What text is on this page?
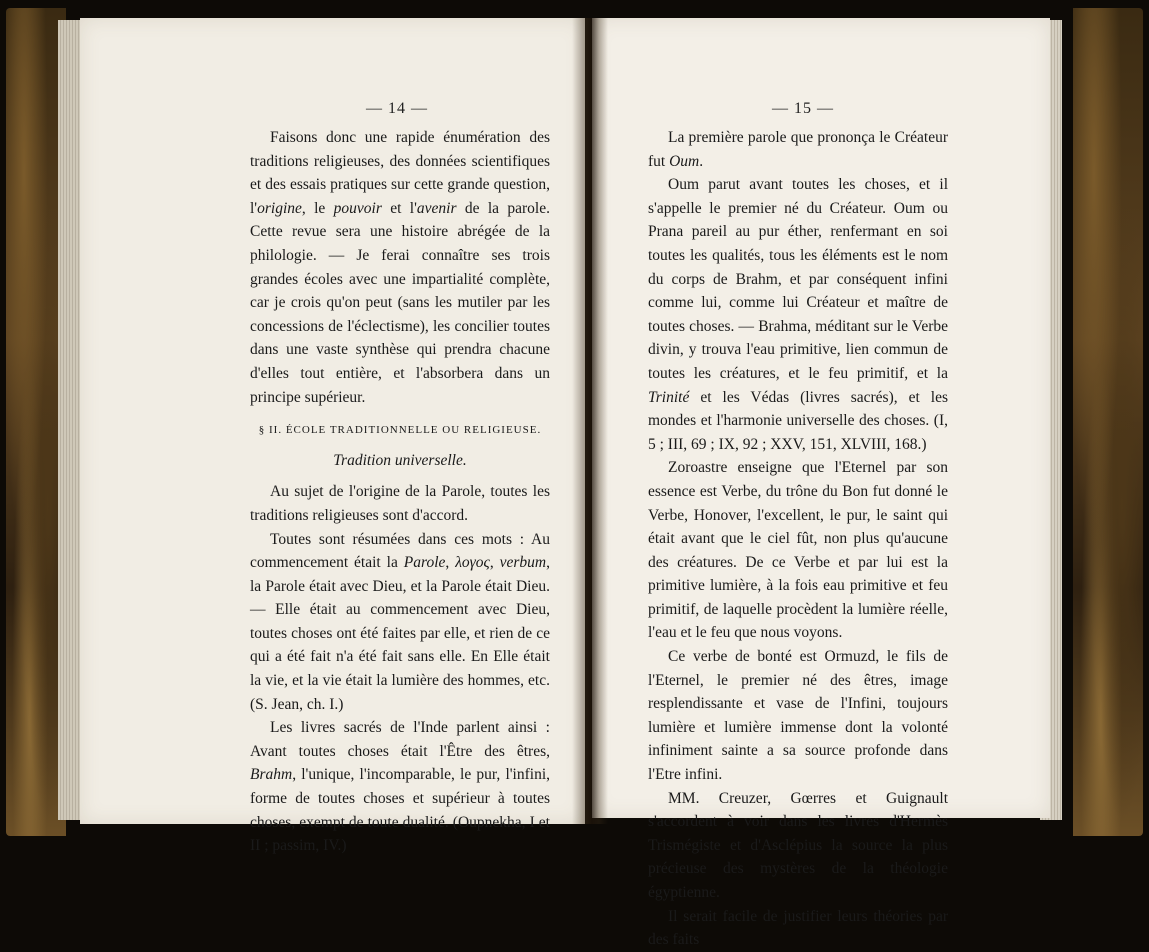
— 14 —

Faisons donc une rapide énumération des traditions religieuses, des données scientifiques et des essais pratiques sur cette grande question, l'origine, le pouvoir et l'avenir de la parole. Cette revue sera une histoire abrégée de la philologie. — Je ferai connaître ses trois grandes écoles avec une impartialité complète, car je crois qu'on peut (sans les mutiler par les concessions de l'éclectisme), les concilier toutes dans une vaste synthèse qui prendra chacune d'elles tout entière, et l'absorbera dans un principe supérieur.

§ II. ÉCOLE TRADITIONNELLE OU RELIGIEUSE.

Tradition universelle.

Au sujet de l'origine de la Parole, toutes les traditions religieuses sont d'accord.

Toutes sont résumées dans ces mots : Au commencement était la Parole, λογος, verbum, la Parole était avec Dieu, et la Parole était Dieu. — Elle était au commencement avec Dieu, toutes choses ont été faites par elle, et rien de ce qui a été fait n'a été fait sans elle. En Elle était la vie, et la vie était la lumière des hommes, etc. (S. Jean, ch. I.)

Les livres sacrés de l'Inde parlent ainsi : Avant toutes choses était l'Être des êtres, Brahm, l'unique, l'incomparable, le pur, l'infini, forme de toutes choses et supérieur à toutes choses, exempt de toute dualité. (Oupnekha, I et II ; passim, IV.)

— 15 —

La première parole que prononça le Créateur fut Oum.

Oum parut avant toutes les choses, et il s'appelle le premier né du Créateur. Oum ou Prana pareil au pur éther, renfermant en soi toutes les qualités, tous les éléments est le nom du corps de Brahm, et par conséquent infini comme lui, comme lui Créateur et maître de toutes choses. — Brahma, méditant sur le Verbe divin, y trouva l'eau primitive, lien commun de toutes les créatures, et le feu primitif, et la Trinité et les Védas (livres sacrés), et les mondes et l'harmonie universelle des choses. (I, 5 ; III, 69 ; IX, 92 ; XXV, 151, XLVIII, 168.)

Zoroastre enseigne que l'Eternel par son essence est Verbe, du trône du Bon fut donné le Verbe, Honover, l'excellent, le pur, le saint qui était avant que le ciel fût, non plus qu'aucune des créatures. De ce Verbe et par lui est la primitive lumière, à la fois eau primitive et feu primitif, de laquelle procèdent la lumière réelle, l'eau et le feu que nous voyons.

Ce verbe de bonté est Ormuzd, le fils de l'Eternel, le premier né des êtres, image resplendissante et vase de l'Infini, toujours lumière et lumière immense dont la volonté infiniment sainte a sa source profonde dans l'Etre infini.

MM. Creuzer, Gœrres et Guignault s'accordent à voir dans les livres d'Hermès Trismégiste et d'Asclépius la source la plus précieuse des mystères de la théologie égyptienne.

Il serait facile de justifier leurs théories par des faits
